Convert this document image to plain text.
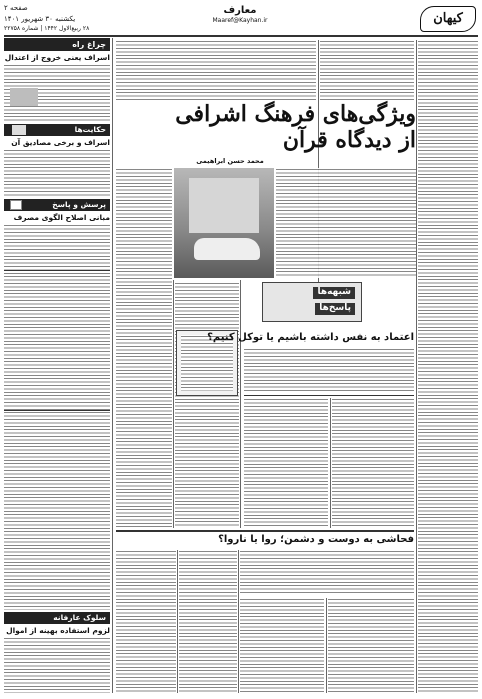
صفحه ۲
یکشنبه ۳۰ شهریور ۱۴۰۱
۲۸ ربیع‌الاول ۱۴۴۲ | شماره ۲۲۷۵۸
معارف
Maaref@Kayhan.ir	کیهان
چراغ راه
اسراف یعنی خروج از اعتدال
حکایت‌ها
اسراف و برخی مصادیق آن
پرسش و پاسخ
مبانی اصلاح الگوی مصرف
سلوک عارفانه
لزوم استفاده بهینه از اموال
ویژگی‌های فرهنگ اشرافی
از دیدگاه قرآن
محمد ‌حسن ‌‌ابراهیمی
شبهه‌ها
پاسخ‌ها
اعتماد به نفس داشته باشیم یا توکل کنیم؟
فحاشی به دوست و دشمن؛ روا یا ناروا؟
